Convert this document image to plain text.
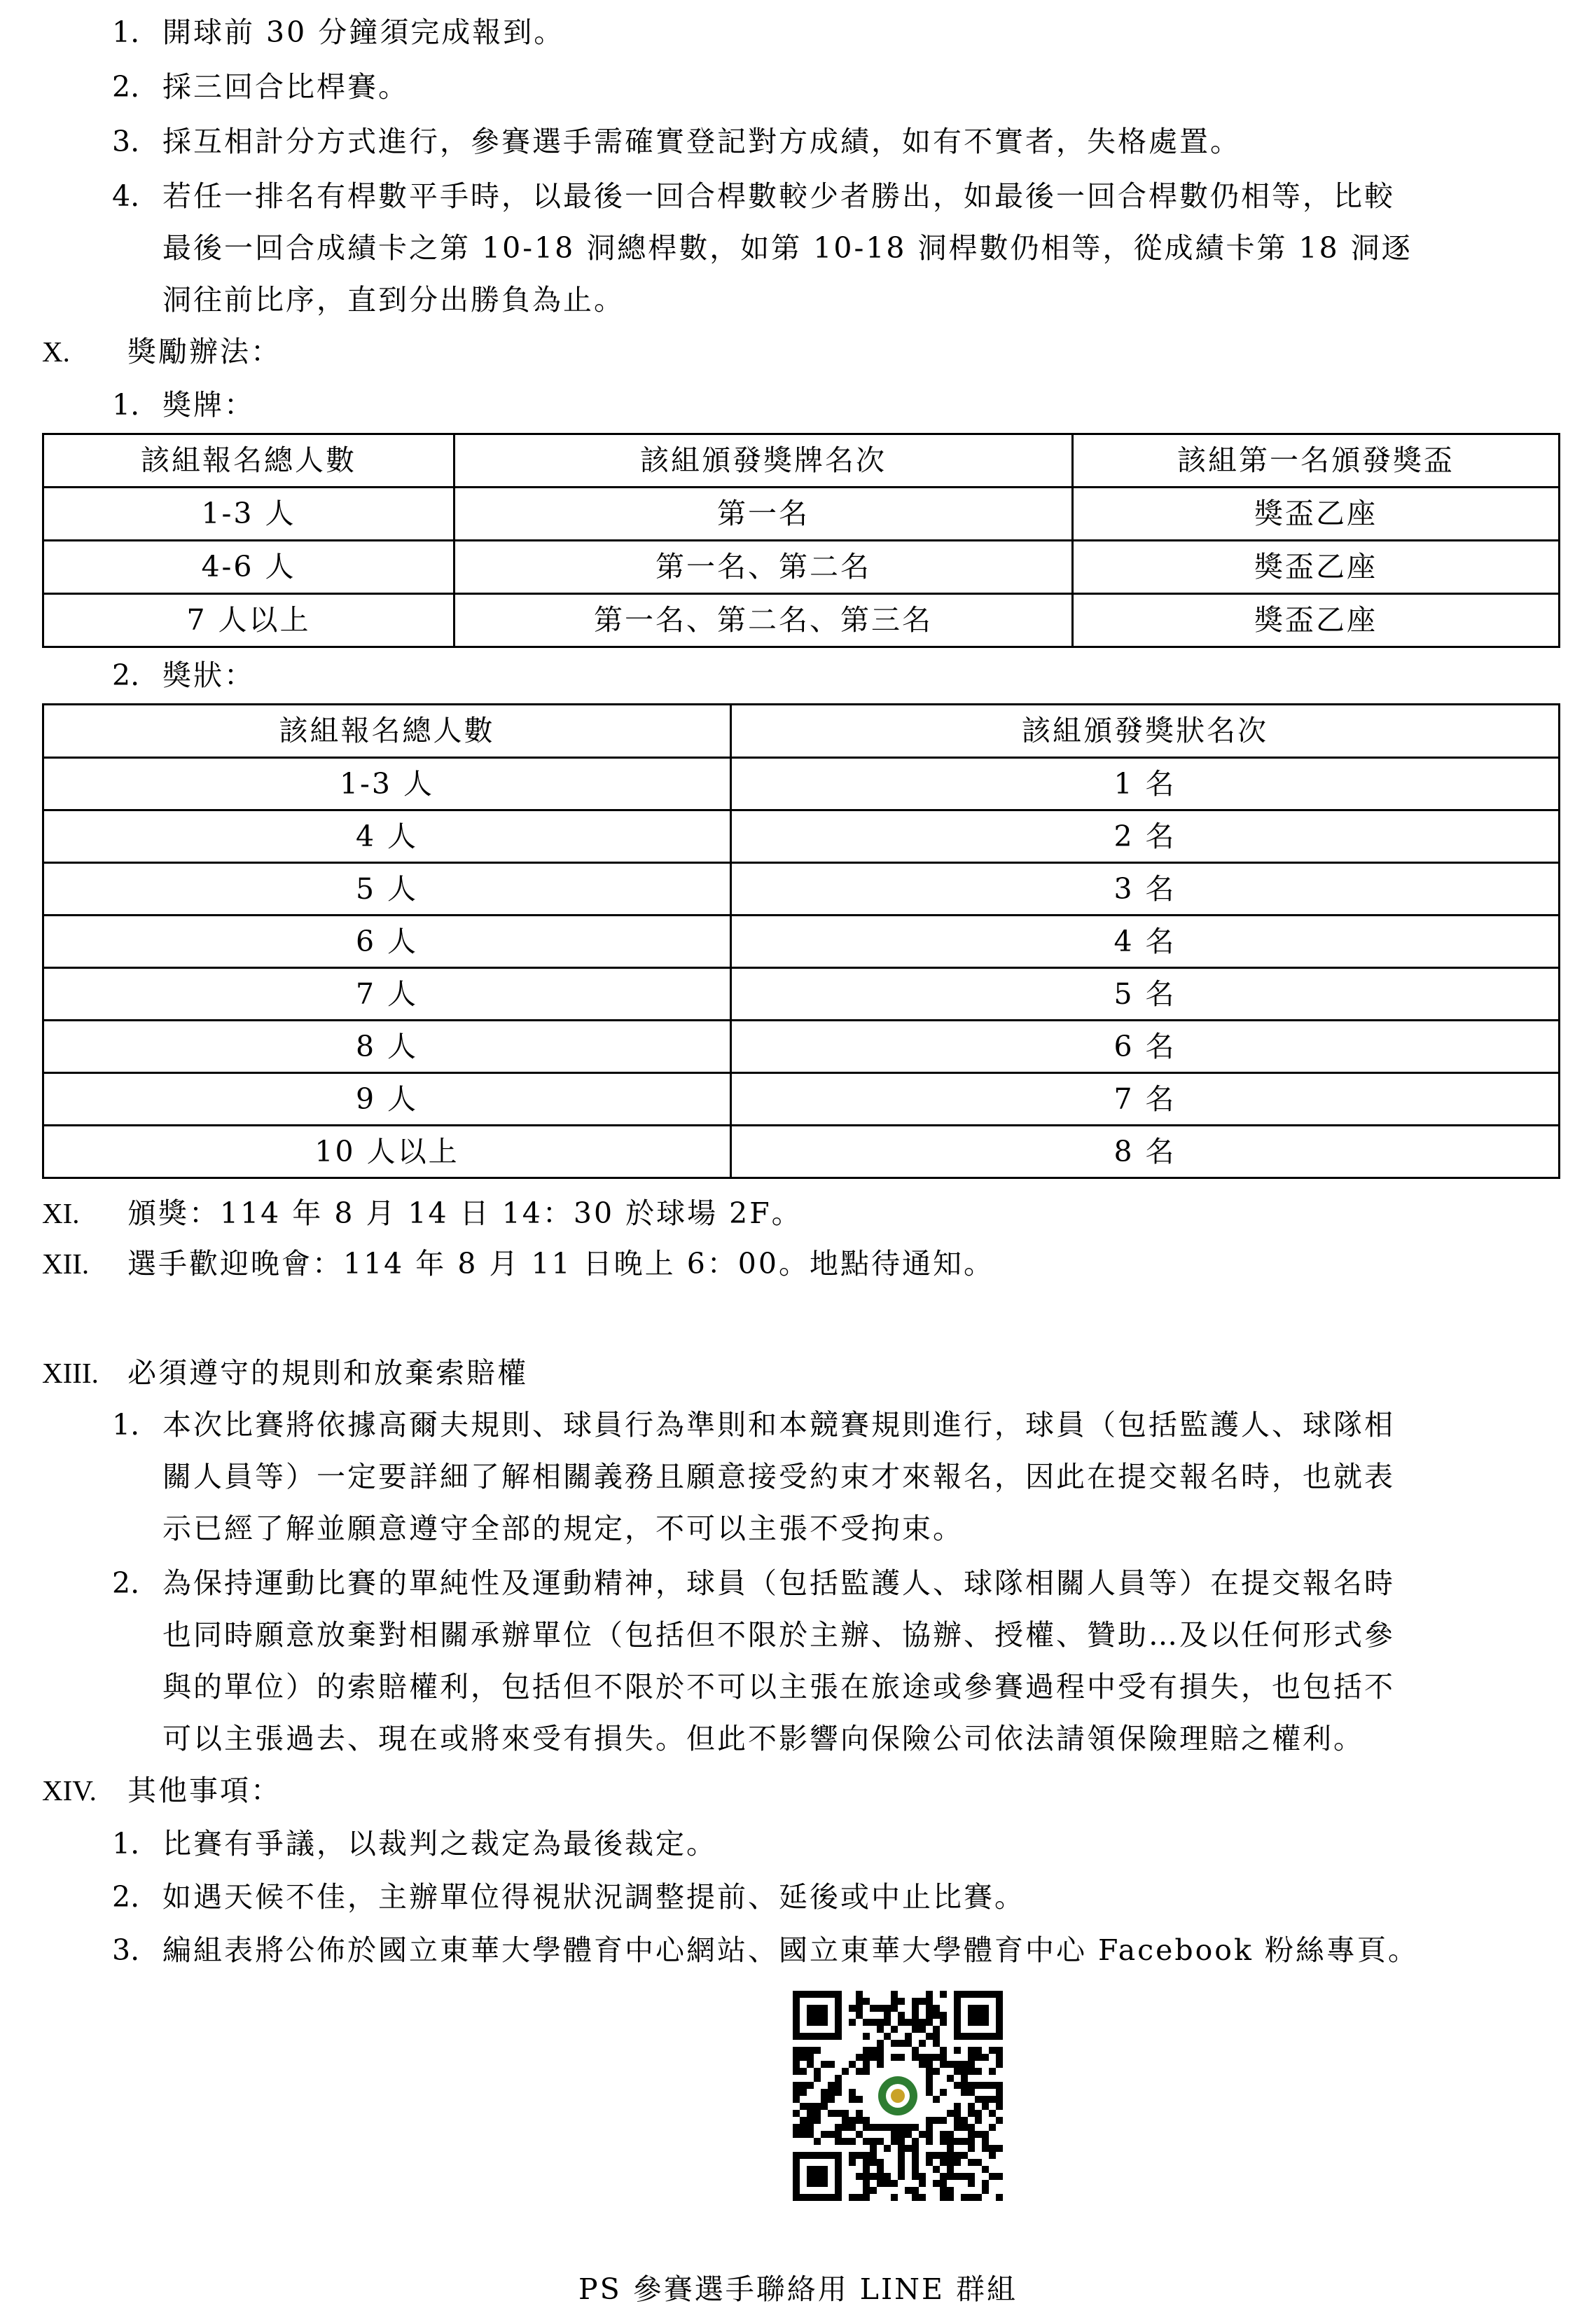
1. 開球前 30 分鐘須完成報到。
2. 採三回合比桿賽。
3. 採互相計分方式進行，參賽選手需確實登記對方成績，如有不實者，失格處置。
4. 若任一排名有桿數平手時，以最後一回合桿數較少者勝出，如最後一回合桿數仍相等，比較
最後一回合成績卡之第 10-18 洞總桿數，如第 10-18 洞桿數仍相等，從成績卡第 18 洞逐
洞往前比序，直到分出勝負為止。
X. 獎勵辦法：
1. 獎牌：
該組報名總人數	該組頒發獎牌名次	該組第一名頒發獎盃
1-3 人	第一名	獎盃乙座
4-6 人	第一名、第二名	獎盃乙座
7 人以上	第一名、第二名、第三名	獎盃乙座
2. 獎狀：
該組報名總人數	該組頒發獎狀名次
1-3 人	1 名
4 人	2 名
5 人	3 名
6 人	4 名
7 人	5 名
8 人	6 名
9 人	7 名
10 人以上	8 名
XI. 頒獎：114 年 8 月 14 日 14：30 於球場 2F。
XII. 選手歡迎晚會：114 年 8 月 11 日晚上 6：00。地點待通知。
XIII. 必須遵守的規則和放棄索賠權
1. 本次比賽將依據高爾夫規則、球員行為準則和本競賽規則進行，球員（包括監護人、球隊相
關人員等）一定要詳細了解相關義務且願意接受約束才來報名，因此在提交報名時，也就表
示已經了解並願意遵守全部的規定，不可以主張不受拘束。
2. 為保持運動比賽的單純性及運動精神，球員（包括監護人、球隊相關人員等）在提交報名時
也同時願意放棄對相關承辦單位（包括但不限於主辦、協辦、授權、贊助…及以任何形式參
與的單位）的索賠權利，包括但不限於不可以主張在旅途或參賽過程中受有損失，也包括不
可以主張過去、現在或將來受有損失。但此不影響向保險公司依法請領保險理賠之權利。
XIV. 其他事項：
1. 比賽有爭議，以裁判之裁定為最後裁定。
2. 如遇天候不佳，主辦單位得視狀況調整提前、延後或中止比賽。
3. 編組表將公佈於國立東華大學體育中心網站、國立東華大學體育中心 Facebook 粉絲專頁。
PS 參賽選手聯絡用 LINE 群組
